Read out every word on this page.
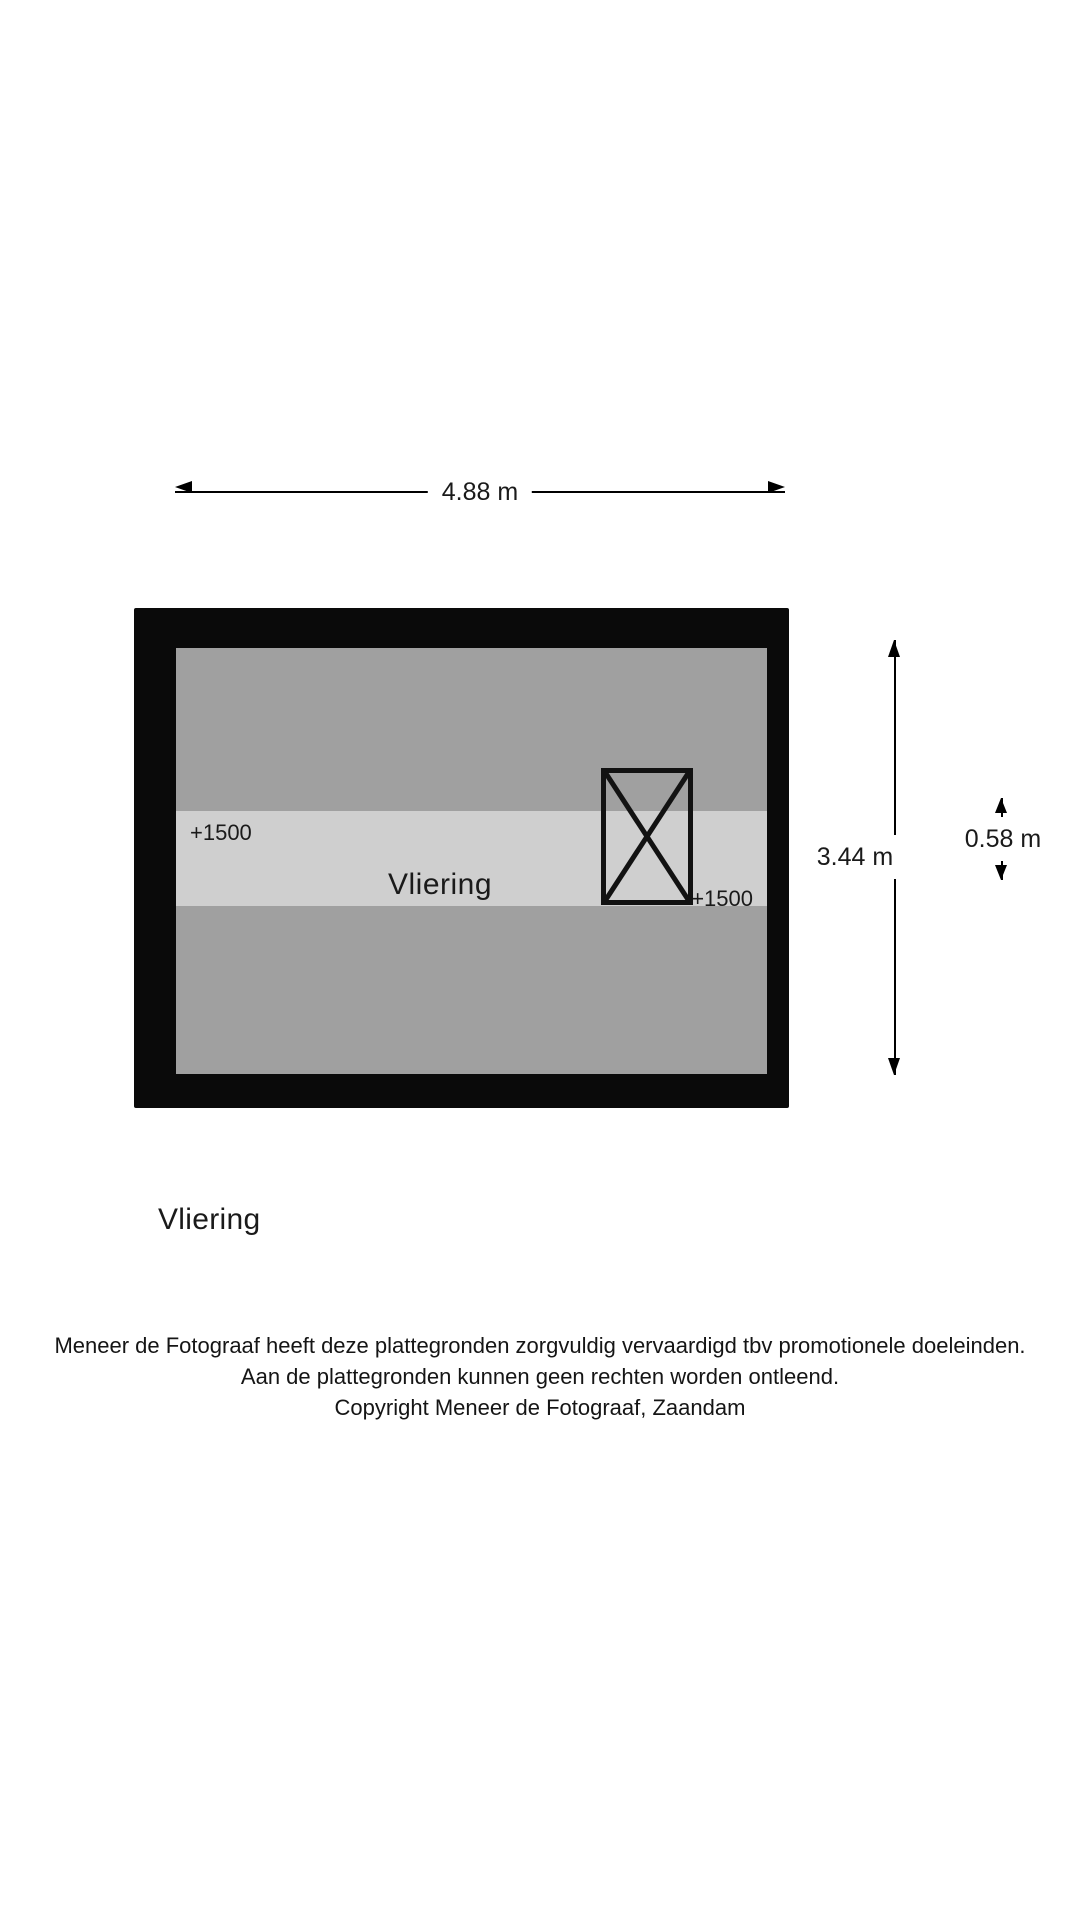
4.88 m
+1500
+1500
Vliering
3.44 m
0.58 m
Vliering
Meneer de Fotograaf heeft deze plattegronden zorgvuldig vervaardigd tbv promotionele doeleinden.
Aan de plattegronden kunnen geen rechten worden ontleend.
Copyright Meneer de Fotograaf, Zaandam
